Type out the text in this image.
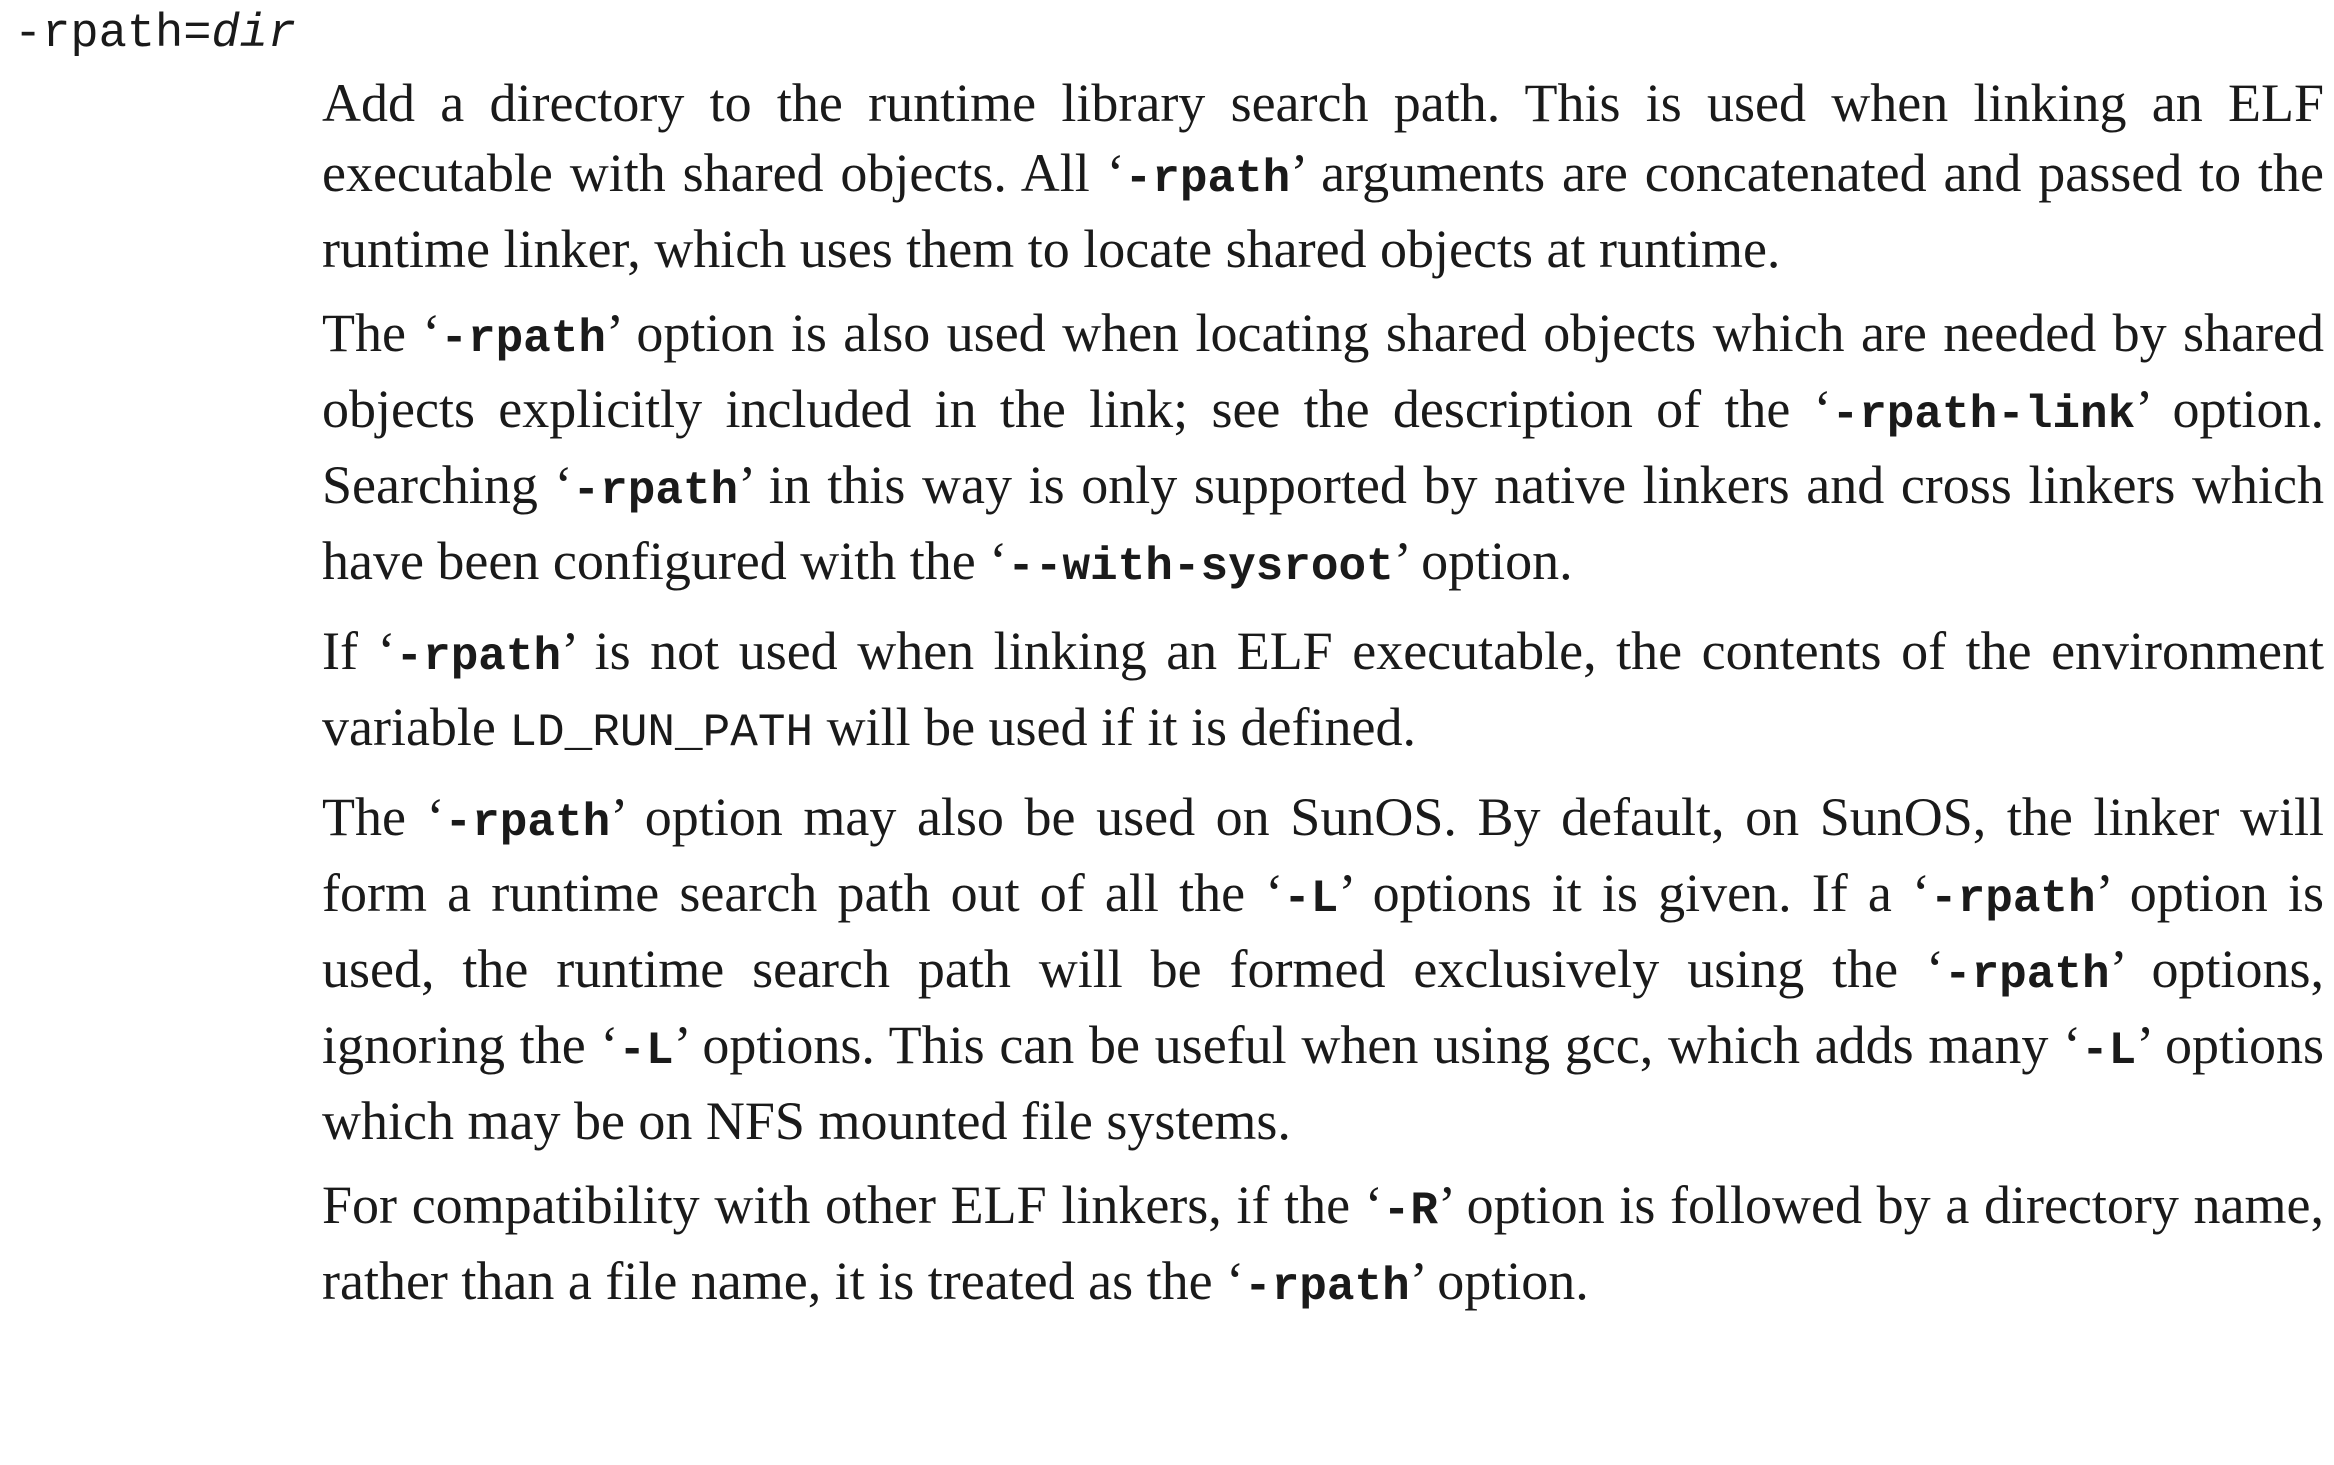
-rpath=dir

Add a directory to the runtime library search path. This is used when linking an ELF executable with shared objects. All ‘-rpath’ arguments are concatenated and passed to the runtime linker, which uses them to locate shared objects at runtime.

The ‘-rpath’ option is also used when locating shared objects which are needed by shared objects explicitly included in the link; see the description of the ‘-rpath-link’ option. Searching ‘-rpath’ in this way is only supported by native linkers and cross linkers which have been configured with the ‘--with-sysroot’ option.

If ‘-rpath’ is not used when linking an ELF executable, the contents of the environment variable LD_RUN_PATH will be used if it is defined.

The ‘-rpath’ option may also be used on SunOS. By default, on SunOS, the linker will form a runtime search path out of all the ‘-L’ options it is given. If a ‘-rpath’ option is used, the runtime search path will be formed exclusively using the ‘-rpath’ options, ignoring the ‘-L’ options. This can be useful when using gcc, which adds many ‘-L’ options which may be on NFS mounted file systems.

For compatibility with other ELF linkers, if the ‘-R’ option is followed by a directory name, rather than a file name, it is treated as the ‘-rpath’ option.
